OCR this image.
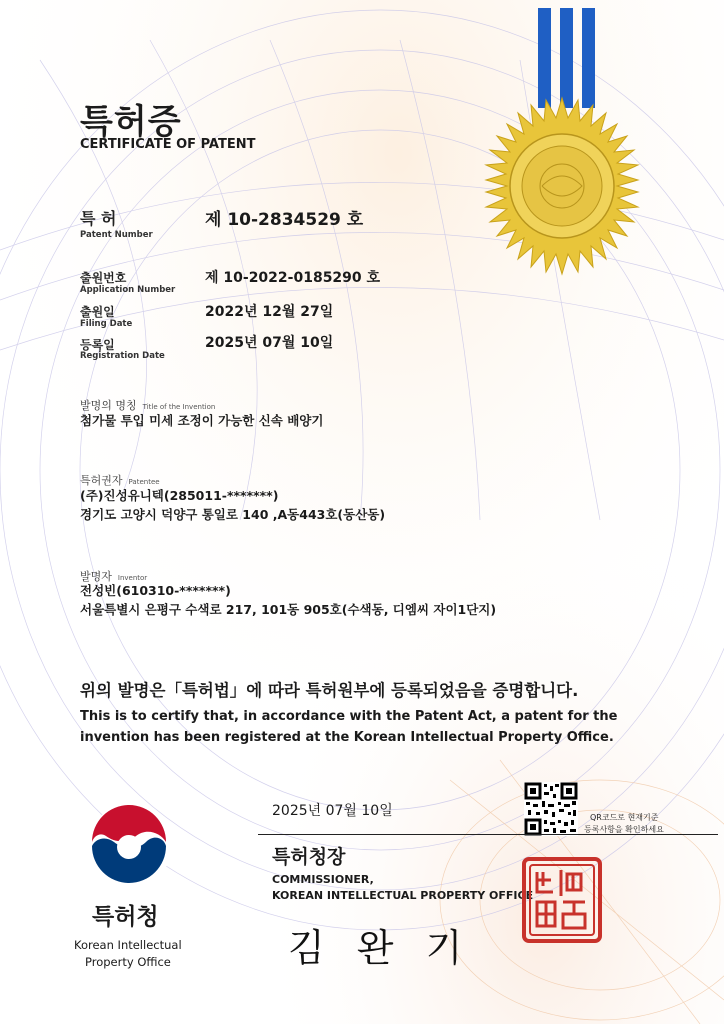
특허증
CERTIFICATE OF PATENT
특 허
Patent Number
제 10-2834529 호
출원번호
Application Number
제 10-2022-0185290 호
출원일
Filing Date
2022년 12월 27일
등록일
Registration Date
2025년 07월 10일
발명의 명칭 Title of the Invention
첨가물 투입 미세 조정이 가능한 신속 배양기
특허권자 Patentee
(주)진성유니텍(285011-*******)
경기도 고양시 덕양구 통일로 140 ,A동443호(동산동)
발명자 Inventor
전성빈(610310-*******)
서울특별시 은평구 수색로 217, 101동 905호(수색동, 디엠씨 자이1단지)
위의 발명은「특허법」에 따라 특허원부에 등록되었음을 증명합니다.
This is to certify that, in accordance with the Patent Act, a patent for the invention has been registered at the Korean Intellectual Property Office.
2025년 07월 10일	QR코드로 현재기준
등록사항을 확인하세요
특허청장
COMMISSIONER,
KOREAN INTELLECTUAL PROPERTY OFFICE
김 완 기
특허청
Korean Intellectual
Property Office
